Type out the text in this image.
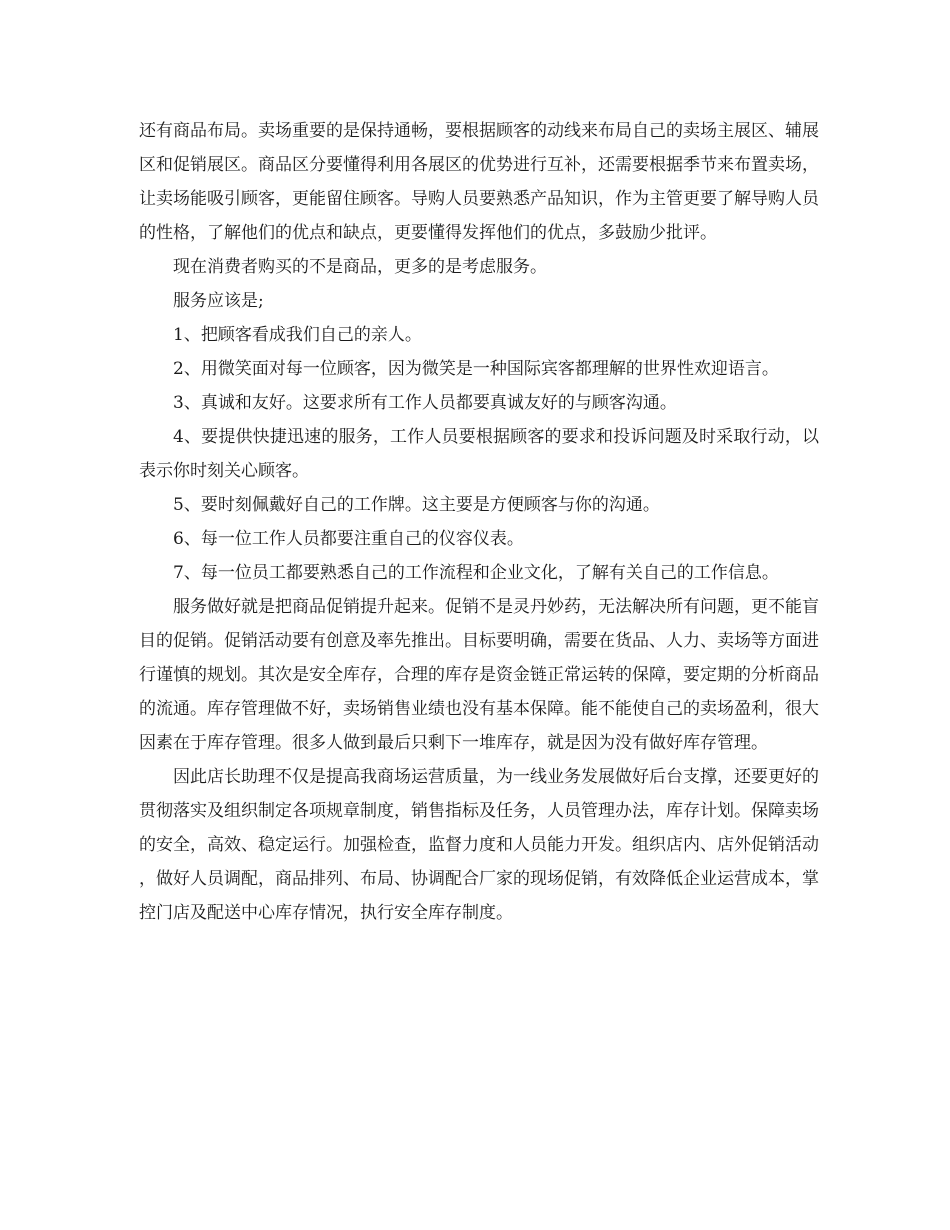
还有商品布局。卖场重要的是保持通畅，要根据顾客的动线来布局自己的卖场主展区、辅展区和促销展区。商品区分要懂得利用各展区的优势进行互补，还需要根据季节来布置卖场，让卖场能吸引顾客，更能留住顾客。导购人员要熟悉产品知识，作为主管更要了解导购人员的性格，了解他们的优点和缺点，更要懂得发挥他们的优点，多鼓励少批评。

现在消费者购买的不是商品，更多的是考虑服务。

服务应该是;

1、把顾客看成我们自己的亲人。

2、用微笑面对每一位顾客，因为微笑是一种国际宾客都理解的世界性欢迎语言。

3、真诚和友好。这要求所有工作人员都要真诚友好的与顾客沟通。

4、要提供快捷迅速的服务，工作人员要根据顾客的要求和投诉问题及时采取行动，以表示你时刻关心顾客。

5、要时刻佩戴好自己的工作牌。这主要是方便顾客与你的沟通。

6、每一位工作人员都要注重自己的仪容仪表。

7、每一位员工都要熟悉自己的工作流程和企业文化，了解有关自己的工作信息。

服务做好就是把商品促销提升起来。促销不是灵丹妙药，无法解决所有问题，更不能盲目的促销。促销活动要有创意及率先推出。目标要明确，需要在货品、人力、卖场等方面进行谨慎的规划。其次是安全库存，合理的库存是资金链正常运转的保障，要定期的分析商品的流通。库存管理做不好，卖场销售业绩也没有基本保障。能不能使自己的卖场盈利，很大因素在于库存管理。很多人做到最后只剩下一堆库存，就是因为没有做好库存管理。

因此店长助理不仅是提高我商场运营质量，为一线业务发展做好后台支撑，还要更好的贯彻落实及组织制定各项规章制度，销售指标及任务，人员管理办法，库存计划。保障卖场的安全，高效、稳定运行。加强检查，监督力度和人员能力开发。组织店内、店外促销活动，做好人员调配，商品排列、布局、协调配合厂家的现场促销，有效降低企业运营成本，掌控门店及配送中心库存情况，执行安全库存制度。
